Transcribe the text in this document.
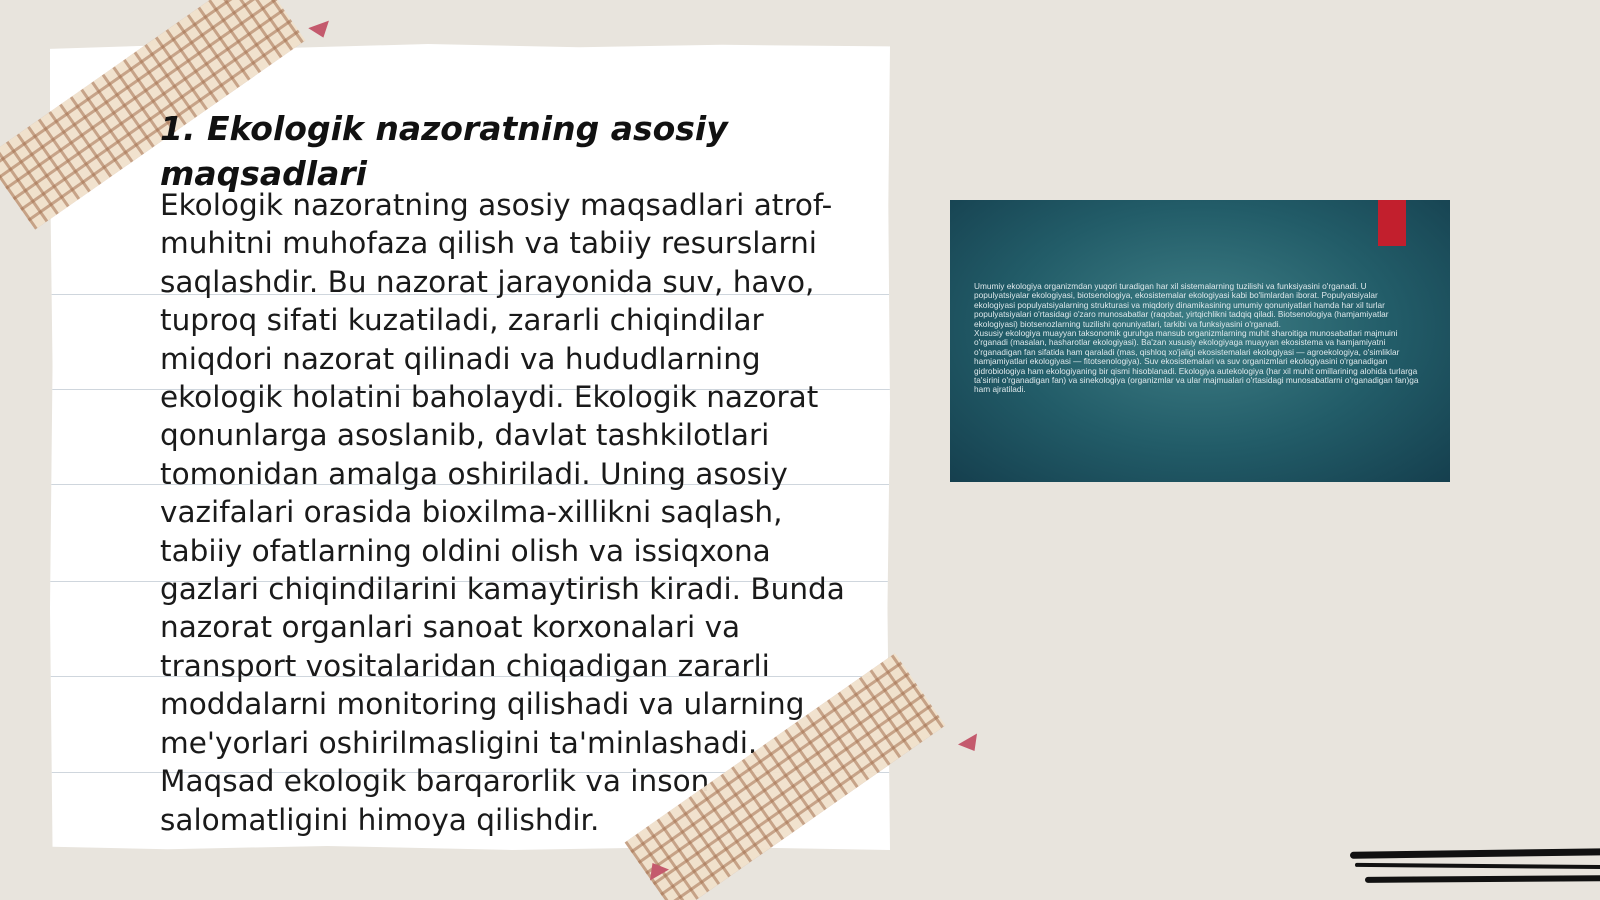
1. Ekologik nazoratning asosiy maqsadlari

Ekologik nazoratning asosiy maqsadlari atrof-muhitni muhofaza qilish va tabiiy resurslarni saqlashdir. Bu nazorat jarayonida suv, havo, tuproq sifati kuzatiladi, zararli chiqindilar miqdori nazorat qilinadi va hududlarning ekologik holatini baholaydi. Ekologik nazorat qonunlarga asoslanib, davlat tashkilotlari tomonidan amalga oshiriladi. Uning asosiy vazifalari orasida bioxilma-xillikni saqlash, tabiiy ofatlarning oldini olish va issiqxona gazlari chiqindilarini kamaytirish kiradi. Bunda nazorat organlari sanoat korxonalari va transport vositalaridan chiqadigan zararli moddalarni monitoring qilishadi va ularning me'yorlari oshirilmasligini ta'minlashadi. Maqsad ekologik barqarorlik va inson salomatligini himoya qilishdir.

Umumiy ekologiya organizmdan yuqori turadigan har xil sistemalarning tuzilishi va funksiyasini o'rganadi. U populyatsiyalar ekologiyasi, biotsenologiya, ekosistemalar ekologiyasi kabi bo'limlardan iborat. Populyatsiyalar ekologiyasi populyatsiyalarning strukturasi va miqdoriy dinamikasining umumiy qonuniyatlari hamda har xil turlar populyatsiyalari o'rtasidagi o'zaro munosabatlar (raqobat, yirtqichlikni tadqiq qiladi. Biotsenologiya (hamjamiyatlar ekologiyasi) biotsenozlarning tuzilishi qonuniyatlari, tarkibi va funksiyasini o'rganadi.
Xususiy ekologiya muayyan taksonomik guruhga mansub organizmlarning muhit sharoitiga munosabatlari majmuini o'rganadi (masalan, hasharotlar ekologiyasi). Ba'zan xususiy ekologiyaga muayyan ekosistema va hamjamiyatni o'rganadigan fan sifatida ham qaraladi (mas, qishloq xo'jaligi ekosistemalari ekologiyasi — agroekologiya, o'simliklar hamjamiyatlari ekologiyasi — fitotsenologiya). Suv ekosistemalari va suv organizmlari ekologiyasini o'rganadigan gidrobiologiya ham ekologiyaning bir qismi hisoblanadi. Ekologiya autekologiya (har xil muhit omillarining alohida turlarga ta'sirini o'rganadigan fan) va sinekologiya (organizmlar va ular majmualari o'rtasidagi munosabatlarni o'rganadigan fan)ga ham ajratiladi.
